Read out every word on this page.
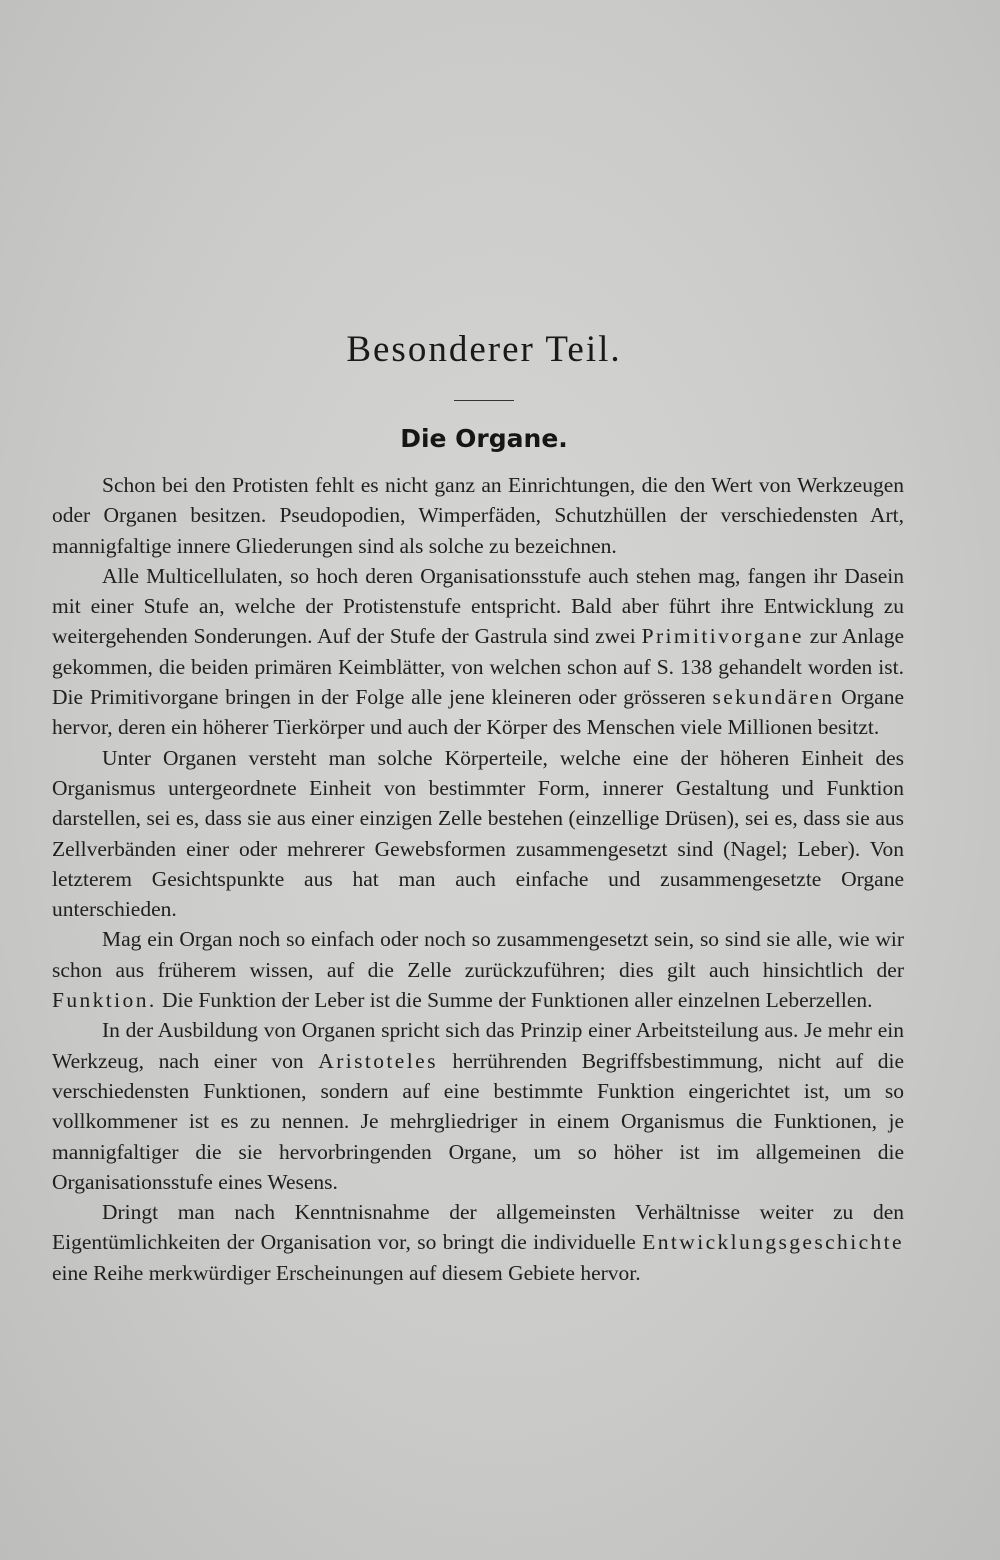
Besonderer Teil.
Die Organe.

Schon bei den Protisten fehlt es nicht ganz an Einrichtungen, die den Wert von Werkzeugen oder Organen besitzen. Pseudopodien, Wimperfäden, Schutzhüllen der verschiedensten Art, mannigfaltige innere Gliederungen sind als solche zu bezeichnen.

Alle Multicellulaten, so hoch deren Organisationsstufe auch stehen mag, fangen ihr Dasein mit einer Stufe an, welche der Protistenstufe entspricht. Bald aber führt ihre Entwicklung zu weitergehenden Sonderungen. Auf der Stufe der Gastrula sind zwei Primitivorgane zur Anlage gekommen, die beiden primären Keimblätter, von welchen schon auf S. 138 gehandelt worden ist. Die Primitivorgane bringen in der Folge alle jene kleineren oder grösseren sekundären Organe hervor, deren ein höherer Tierkörper und auch der Körper des Menschen viele Millionen besitzt.

Unter Organen versteht man solche Körperteile, welche eine der höheren Einheit des Organismus untergeordnete Einheit von bestimmter Form, innerer Gestaltung und Funktion darstellen, sei es, dass sie aus einer einzigen Zelle bestehen (einzellige Drüsen), sei es, dass sie aus Zellverbänden einer oder mehrerer Gewebsformen zusammengesetzt sind (Nagel; Leber). Von letzterem Gesichtspunkte aus hat man auch einfache und zusammengesetzte Organe unterschieden.

Mag ein Organ noch so einfach oder noch so zusammengesetzt sein, so sind sie alle, wie wir schon aus früherem wissen, auf die Zelle zurückzuführen; dies gilt auch hinsichtlich der Funktion. Die Funktion der Leber ist die Summe der Funktionen aller einzelnen Leberzellen.

In der Ausbildung von Organen spricht sich das Prinzip einer Arbeitsteilung aus. Je mehr ein Werkzeug, nach einer von Aristoteles herrührenden Begriffsbestimmung, nicht auf die verschiedensten Funktionen, sondern auf eine bestimmte Funktion eingerichtet ist, um so vollkommener ist es zu nennen. Je mehrgliedriger in einem Organismus die Funktionen, je mannigfaltiger die sie hervorbringenden Organe, um so höher ist im allgemeinen die Organisationsstufe eines Wesens.

Dringt man nach Kenntnisnahme der allgemeinsten Verhältnisse weiter zu den Eigentümlichkeiten der Organisation vor, so bringt die individuelle Entwicklungsgeschichte eine Reihe merkwürdiger Erscheinungen auf diesem Gebiete hervor.
